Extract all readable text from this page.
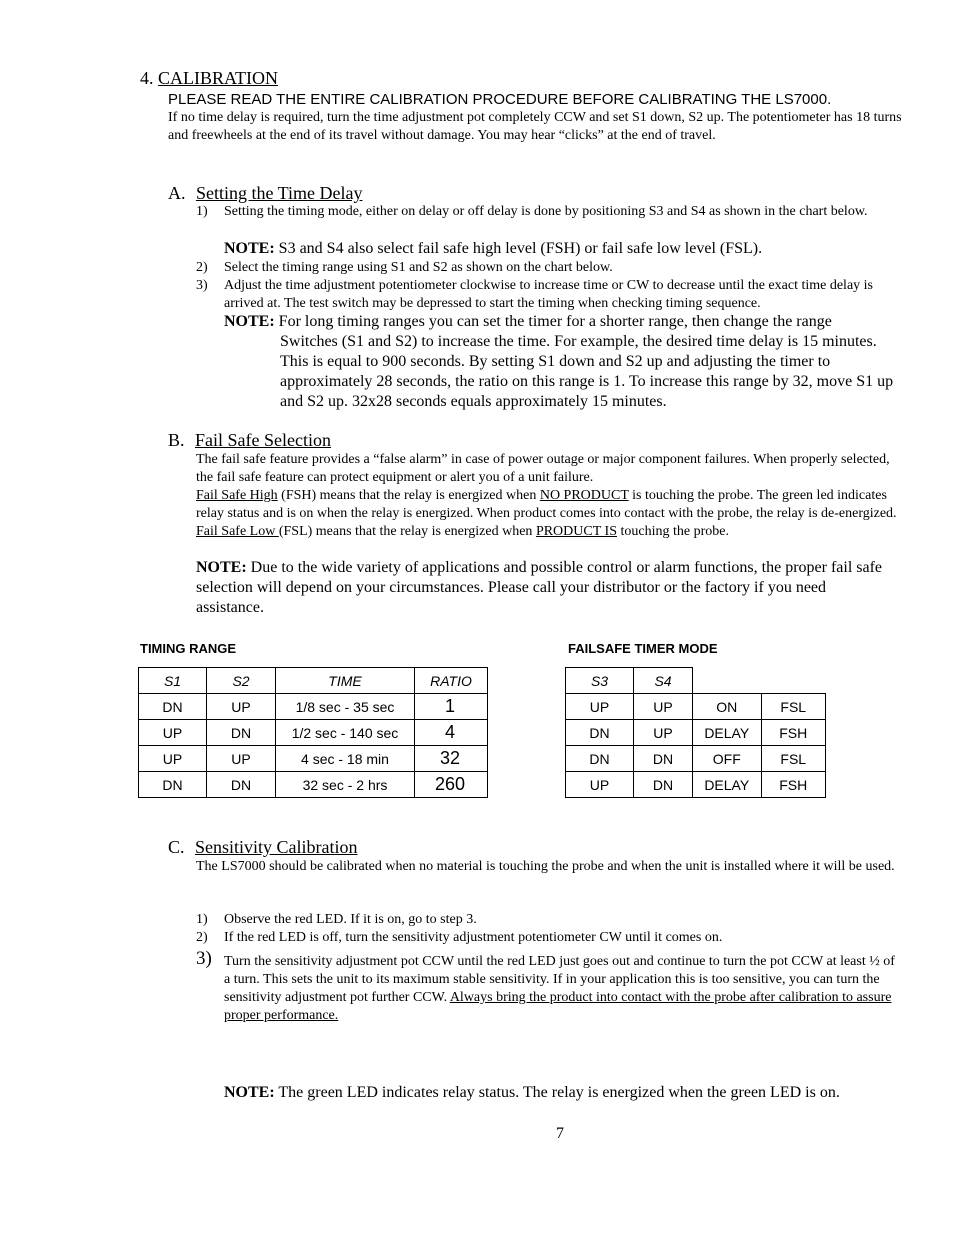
4. CALIBRATION
PLEASE READ THE ENTIRE CALIBRATION PROCEDURE BEFORE CALIBRATING THE LS7000.

If no time delay is required, turn the time adjustment pot completely CCW and set S1 down, S2 up. The potentiometer has 18 turns and freewheels at the end of its travel without damage. You may hear “clicks” at the end of travel.

A. Setting the Time Delay
1) Setting the timing mode, either on delay or off delay is done by positioning S3 and S4 as shown in the chart below.

NOTE: S3 and S4 also select fail safe high level (FSH) or fail safe low level (FSL).

2) Select the timing range using S1 and S2 as shown on the chart below.

3) Adjust the time adjustment potentiometer clockwise to increase time or CW to decrease until the exact time delay is arrived at. The test switch may be depressed to start the timing when checking timing sequence.

NOTE: For long timing ranges you can set the timer for a shorter range, then change the range

Switches (S1 and S2) to increase the time. For example, the desired time delay is 15 minutes. This is equal to 900 seconds. By setting S1 down and S2 up and adjusting the timer to approximately 28 seconds, the ratio on this range is 1. To increase this range by 32, move S1 up and S2 up. 32x28 seconds equals approximately 15 minutes.

B. Fail Safe Selection

The fail safe feature provides a “false alarm” in case of power outage or major component failures. When properly selected, the fail safe feature can protect equipment or alert you of a unit failure.

Fail Safe High (FSH) means that the relay is energized when NO PRODUCT is touching the probe. The green led indicates relay status and is on when the relay is energized. When product comes into contact with the probe, the relay is de-energized.

Fail Safe Low (FSL) means that the relay is energized when PRODUCT IS touching the probe.

NOTE: Due to the wide variety of applications and possible control or alarm functions, the proper fail safe selection will depend on your circumstances. Please call your distributor or the factory if you need assistance.

TIMING RANGE	FAILSAFE TIMER MODE
S1	S2	TIME	RATIO
DN	UP	1/8 sec - 35 sec	1
UP	DN	1/2 sec - 140 sec	4
UP	UP	4 sec - 18 min	32
DN	DN	32 sec - 2 hrs	260
S3	S4		
UP	UP	ON	FSL
DN	UP	DELAY	FSH
DN	DN	OFF	FSL
UP	DN	DELAY	FSH
C. Sensitivity Calibration

The LS7000 should be calibrated when no material is touching the probe and when the unit is installed where it will be used.

1) Observe the red LED. If it is on, go to step 3.

2) If the red LED is off, turn the sensitivity adjustment potentiometer CW until it comes on.

3) Turn the sensitivity adjustment pot CCW until the red LED just goes out and continue to turn the pot CCW at least ½ of a turn. This sets the unit to its maximum stable sensitivity. If in your application this is too sensitive, you can turn the sensitivity adjustment pot further CCW. Always bring the product into contact with the probe after calibration to assure proper performance.

NOTE: The green LED indicates relay status. The relay is energized when the green LED is on.

7
